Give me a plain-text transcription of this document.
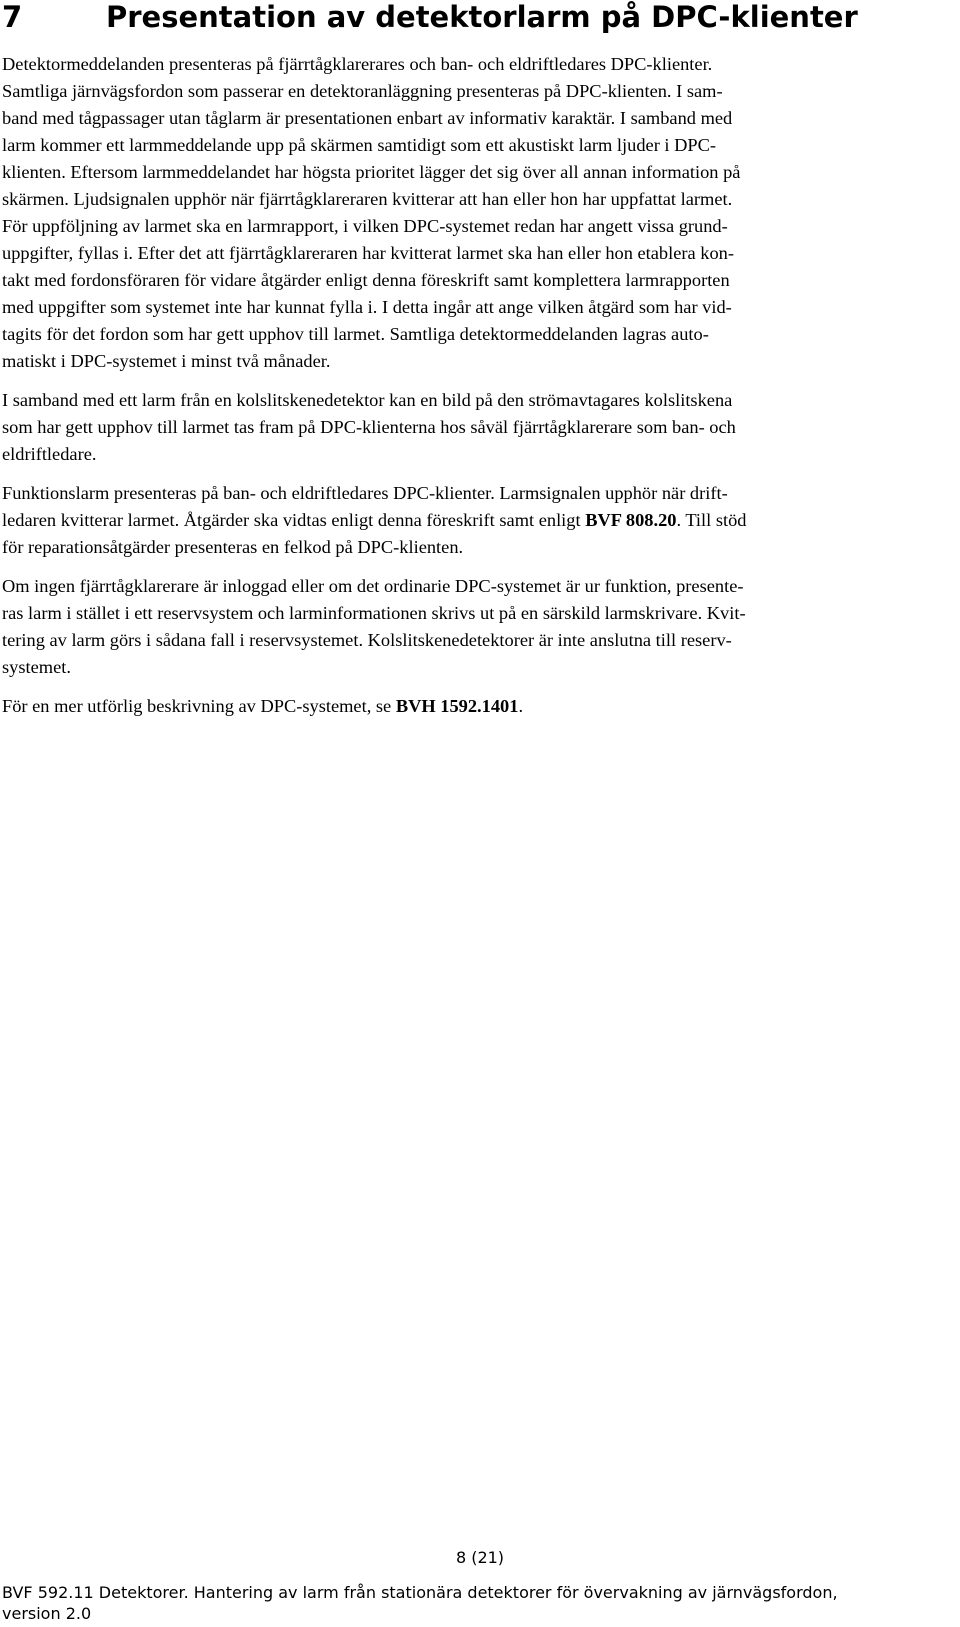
7	Presentation av detektorlarm på DPC-klienter

Detektormeddelanden presenteras på fjärrtågklarerares och ban- och eldriftledares DPC-klienter.
Samtliga järnvägsfordon som passerar en detektoranläggning presenteras på DPC-klienten. I sam-
band med tågpassager utan tåglarm är presentationen enbart av informativ karaktär. I samband med
larm kommer ett larmmeddelande upp på skärmen samtidigt som ett akustiskt larm ljuder i DPC-
klienten. Eftersom larmmeddelandet har högsta prioritet lägger det sig över all annan information på
skärmen. Ljudsignalen upphör när fjärrtågklareraren kvitterar att han eller hon har uppfattat larmet.
För uppföljning av larmet ska en larmrapport, i vilken DPC-systemet redan har angett vissa grund-
uppgifter, fyllas i. Efter det att fjärrtågklareraren har kvitterat larmet ska han eller hon etablera kon-
takt med fordonsföraren för vidare åtgärder enligt denna föreskrift samt komplettera larmrapporten
med uppgifter som systemet inte har kunnat fylla i. I detta ingår att ange vilken åtgärd som har vid-
tagits för det fordon som har gett upphov till larmet. Samtliga detektormeddelanden lagras auto-
matiskt i DPC-systemet i minst två månader.

I samband med ett larm från en kolslitskenedetektor kan en bild på den strömavtagares kolslitskena
som har gett upphov till larmet tas fram på DPC-klienterna hos såväl fjärrtågklarerare som ban- och
eldriftledare.

Funktionslarm presenteras på ban- och eldriftledares DPC-klienter. Larmsignalen upphör när drift-
ledaren kvitterar larmet. Åtgärder ska vidtas enligt denna föreskrift samt enligt BVF 808.20. Till stöd
för reparationsåtgärder presenteras en felkod på DPC-klienten.

Om ingen fjärrtågklarerare är inloggad eller om det ordinarie DPC-systemet är ur funktion, presente-
ras larm i stället i ett reservsystem och larminformationen skrivs ut på en särskild larmskrivare. Kvit-
tering av larm görs i sådana fall i reservsystemet. Kolslitskenedetektorer är inte anslutna till reserv-
systemet.

För en mer utförlig beskrivning av DPC-systemet, se BVH 1592.1401.

8 (21)
BVF 592.11 Detektorer. Hantering av larm från stationära detektorer för övervakning av järnvägsfordon,
version 2.0
